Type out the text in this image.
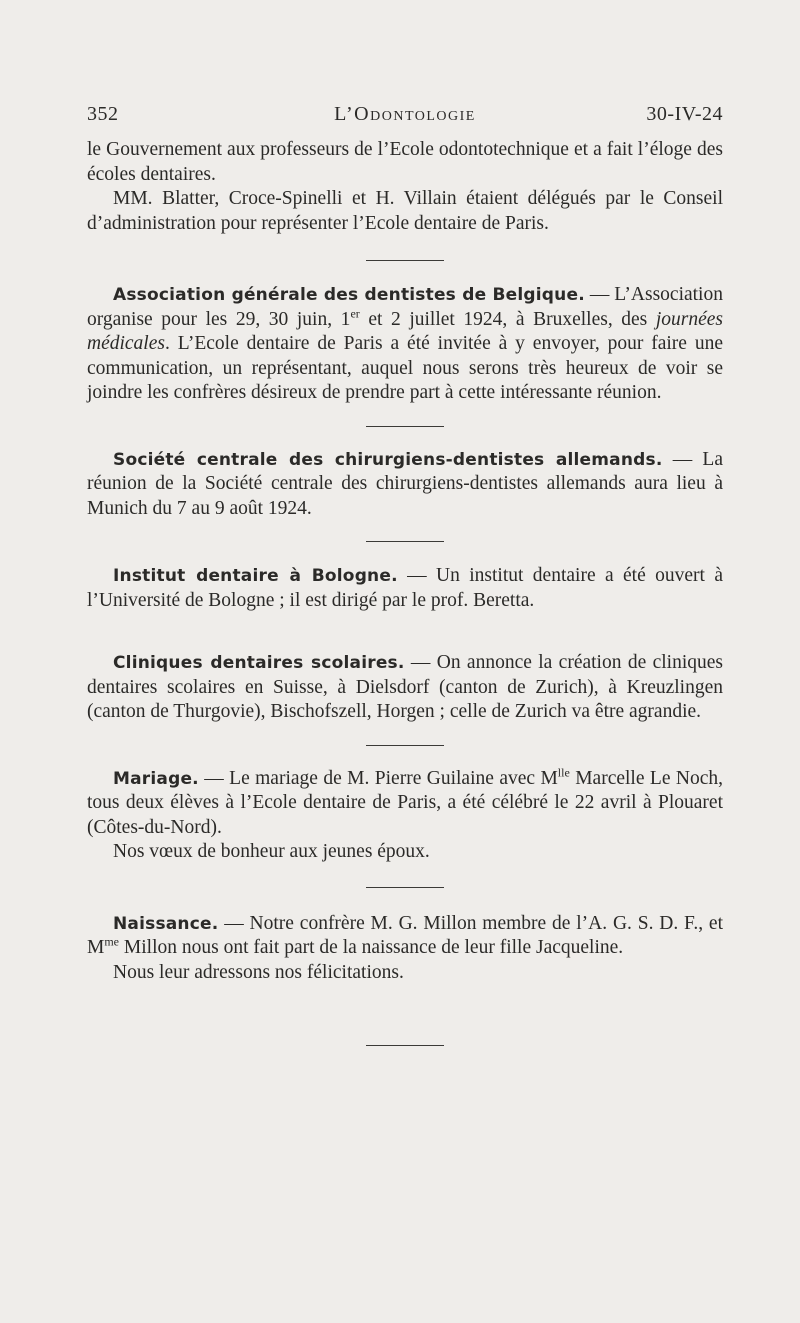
352	L’Odontologie	30-IV-24

le Gouvernement aux professeurs de l’Ecole odontotechnique et a fait l’éloge des écoles dentaires.

MM. Blatter, Croce-Spinelli et H. Villain étaient délégués par le Conseil d’administration pour représenter l’Ecole dentaire de Paris.

Association générale des dentistes de Belgique. — L’Association organise pour les 29, 30 juin, 1er et 2 juillet 1924, à Bruxelles, des journées médicales. L’Ecole dentaire de Paris a été invitée à y envoyer, pour faire une communication, un représentant, auquel nous serons très heureux de voir se joindre les confrères désireux de prendre part à cette intéressante réunion.

Société centrale des chirurgiens-dentistes allemands. — La réunion de la Société centrale des chirurgiens-dentistes allemands aura lieu à Munich du 7 au 9 août 1924.

Institut dentaire à Bologne. — Un institut dentaire a été ouvert à l’Université de Bologne ; il est dirigé par le prof. Beretta.

Cliniques dentaires scolaires. — On annonce la création de cliniques dentaires scolaires en Suisse, à Dielsdorf (canton de Zurich), à Kreuzlingen (canton de Thurgovie), Bischofszell, Horgen ; celle de Zurich va être agrandie.

Mariage. — Le mariage de M. Pierre Guilaine avec $M^{lle}$ Marcelle Le Noch, tous deux élèves à l’Ecole dentaire de Paris, a été célébré le 22 avril à Plouaret (Côtes-du-Nord).

Nos vœux de bonheur aux jeunes époux.

Naissance. — Notre confrère M. G. Millon membre de l’A. G. S. D. F., et $M^{me}$ Millon nous ont fait part de la naissance de leur fille Jacqueline.

Nous leur adressons nos félicitations.
